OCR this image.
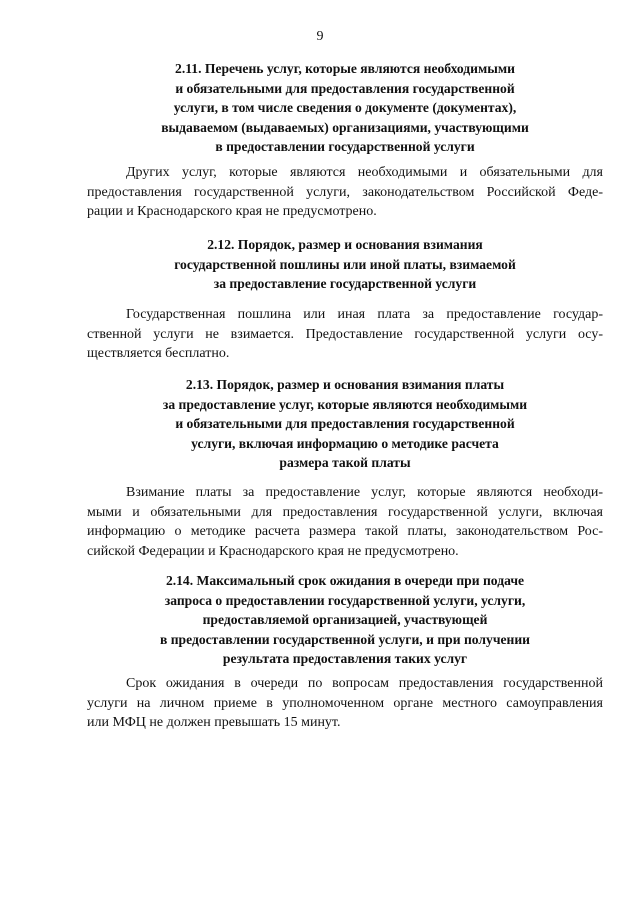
9
2.11. Перечень услуг, которые являются необходимыми
и обязательными для предоставления государственной
услуги, в том числе сведения о документе (документах),
выдаваемом (выдаваемых) организациями, участвующими
в предоставлении государственной услуги
Других услуг, которые являются необходимыми и обязательными для
предоставления государственной услуги, законодательством Российской Феде-
рации и Краснодарского края не предусмотрено.
2.12. Порядок, размер и основания взимания
государственной пошлины или иной платы, взимаемой
за предоставление государственной услуги
Государственная пошлина или иная плата за предоставление государ-
ственной услуги не взимается. Предоставление государственной услуги осу-
ществляется бесплатно.
2.13. Порядок, размер и основания взимания платы
за предоставление услуг, которые являются необходимыми
и обязательными для предоставления государственной
услуги, включая информацию о методике расчета
размера такой платы
Взимание платы за предоставление услуг, которые являются необходи-
мыми и обязательными для предоставления государственной услуги, включая
информацию о методике расчета размера такой платы, законодательством Рос-
сийской Федерации и Краснодарского края не предусмотрено.
2.14. Максимальный срок ожидания в очереди при подаче
запроса о предоставлении государственной услуги, услуги,
предоставляемой организацией, участвующей
в предоставлении государственной услуги, и при получении
результата предоставления таких услуг
Срок ожидания в очереди по вопросам предоставления государственной
услуги на личном приеме в уполномоченном органе местного самоуправления
или МФЦ не должен превышать 15 минут.
